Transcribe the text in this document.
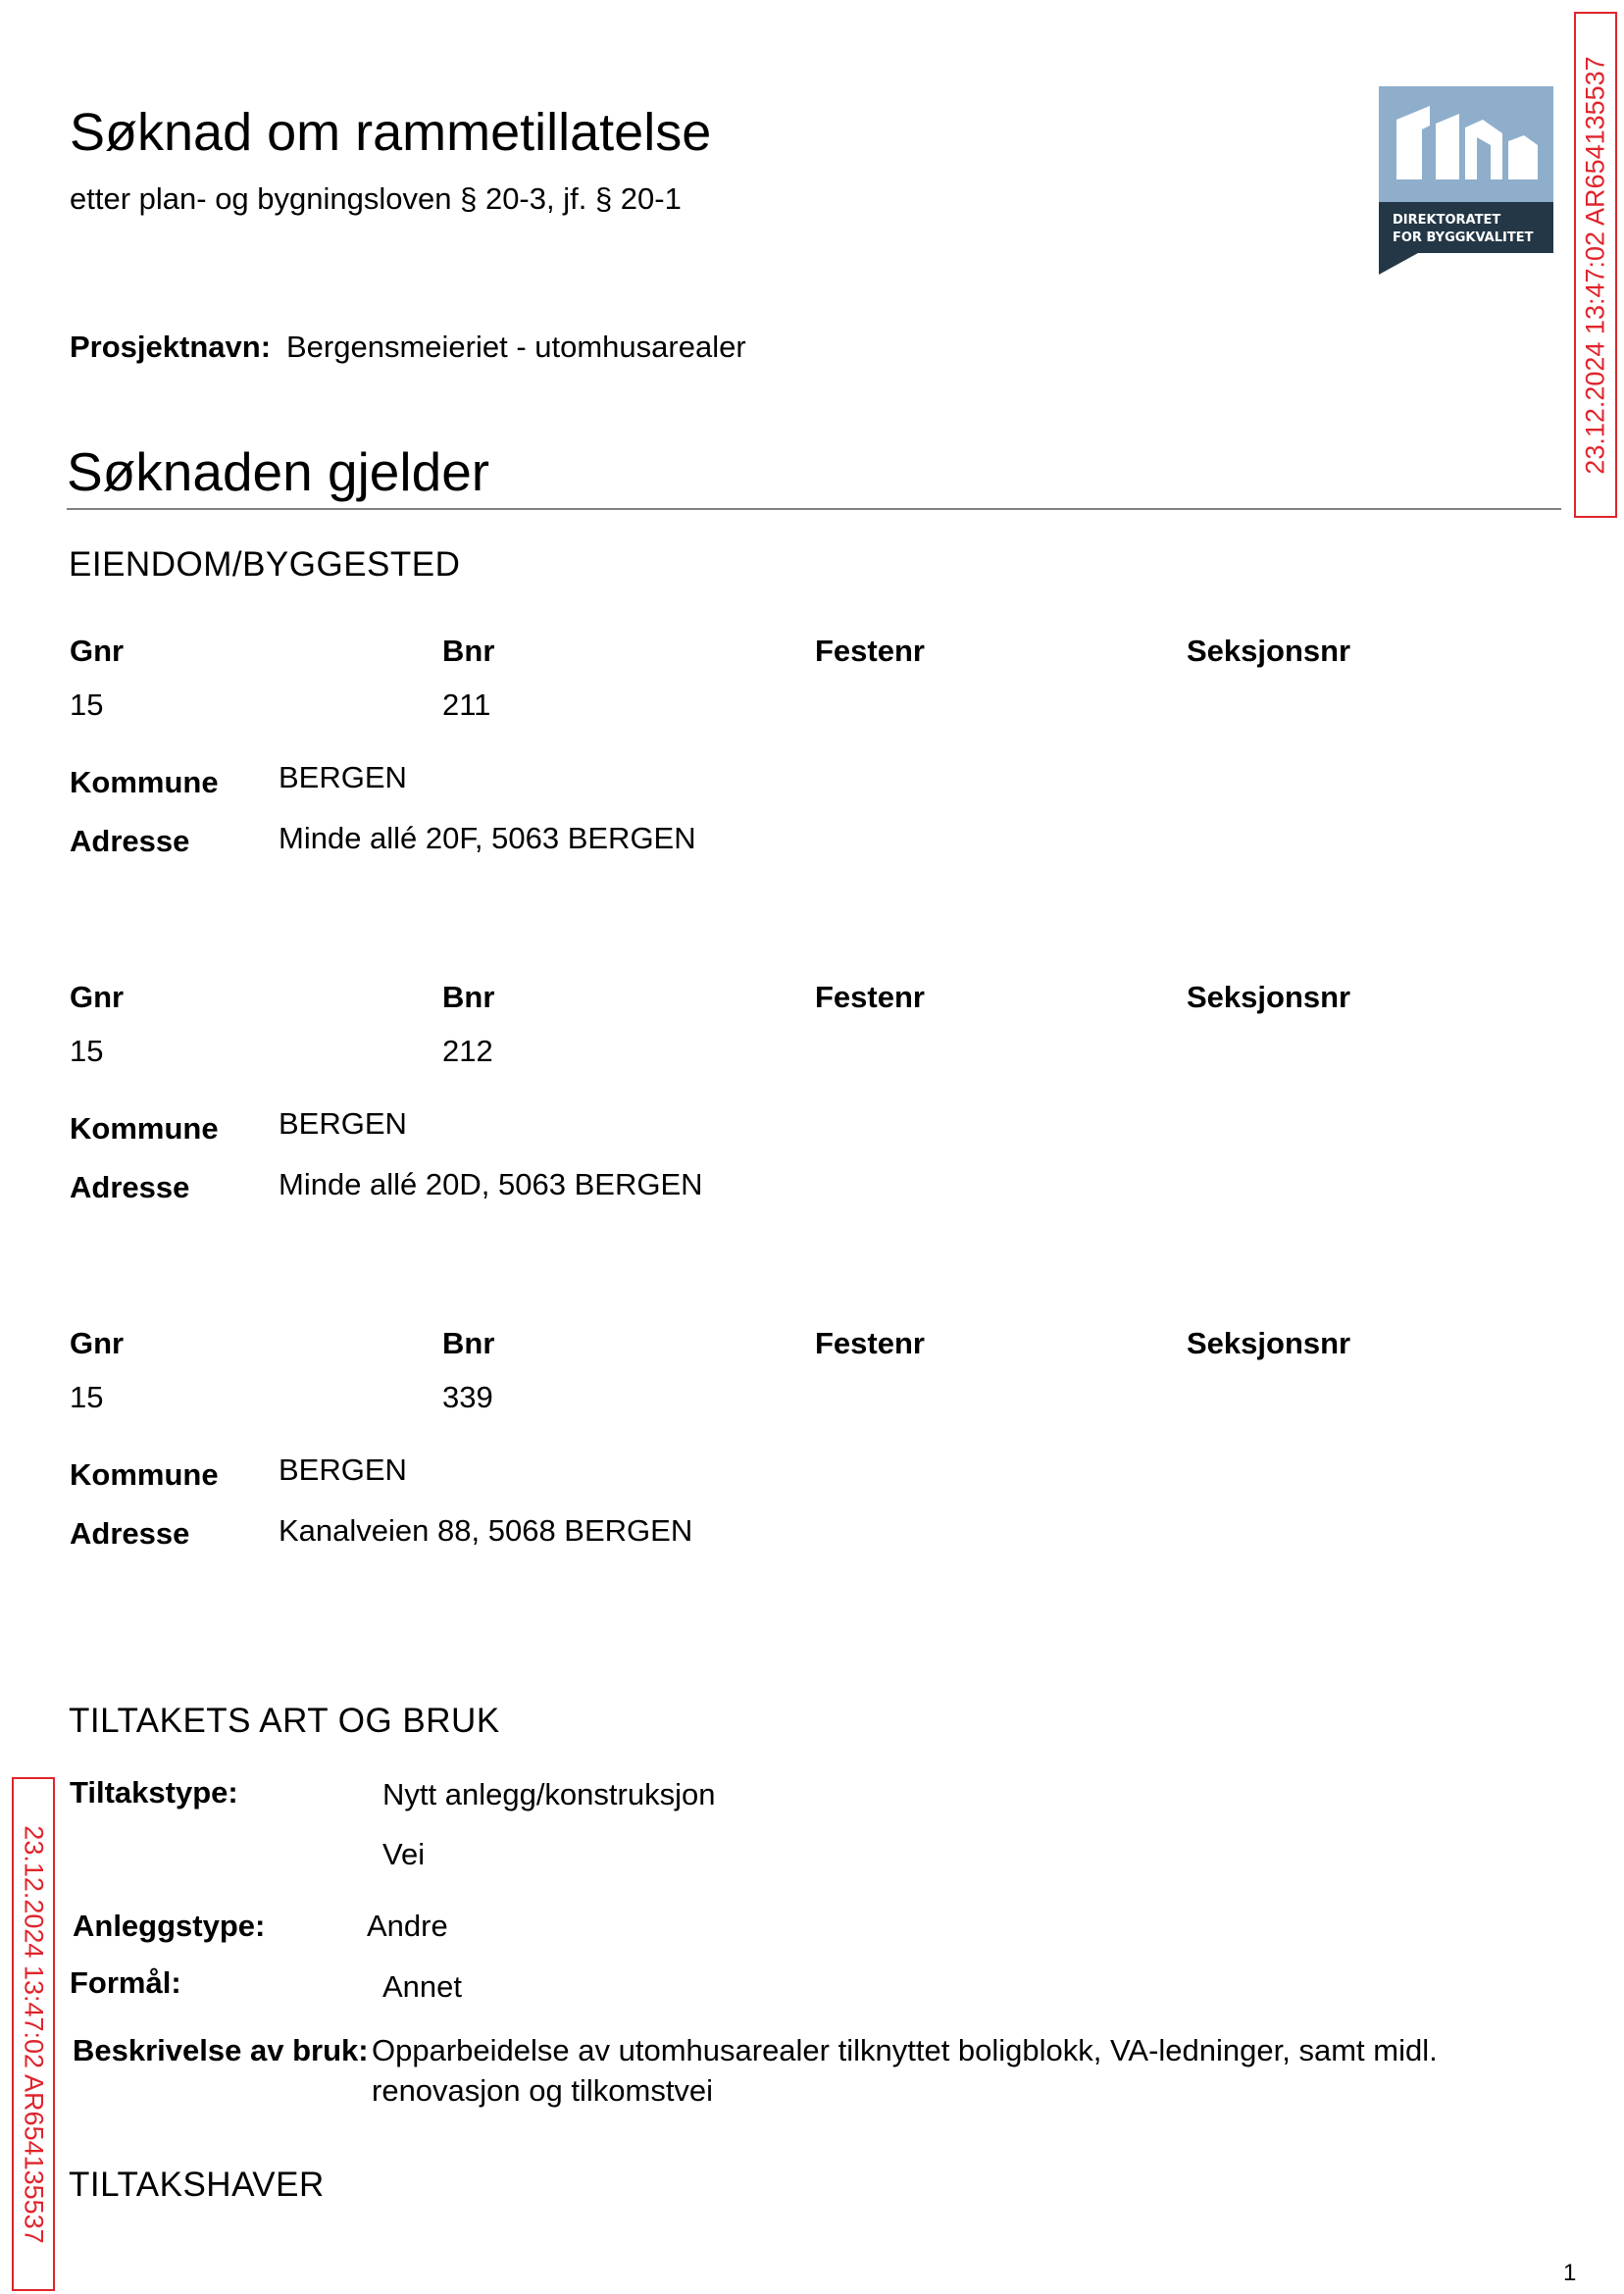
Søknad om rammetillatelse
etter plan- og bygningsloven § 20-3, jf. § 20-1
DIREKTORATET
FOR BYGGKVALITET 23.12.2024 13:47:02 AR654135537
23.12.2024 13:47:02 AR654135537
Prosjektnavn: Bergensmeieriet - utomhusarealer
Søknaden gjelder
EIENDOM/BYGGESTED
Gnr	Bnr	Festenr	Seksjonsnr
15	211
Kommune BERGEN
Adresse	Minde allé 20F, 5063 BERGEN
Gnr	Bnr	Festenr	Seksjonsnr
15	212
Kommune BERGEN
Adresse	Minde allé 20D, 5063 BERGEN
Gnr	Bnr	Festenr	Seksjonsnr
15	339
Kommune BERGEN
Adresse	Kanalveien 88, 5068 BERGEN
TILTAKETS ART OG BRUK
Tiltakstype:	Nytt anlegg/konstruksjon
Vei
Anleggstype:	Andre
Formål:	Annet
Beskrivelse av bruk: Opparbeidelse av utomhusarealer tilknyttet boligblokk, VA-ledninger, samt midl.
renovasjon og tilkomstvei
TILTAKSHAVER
1
